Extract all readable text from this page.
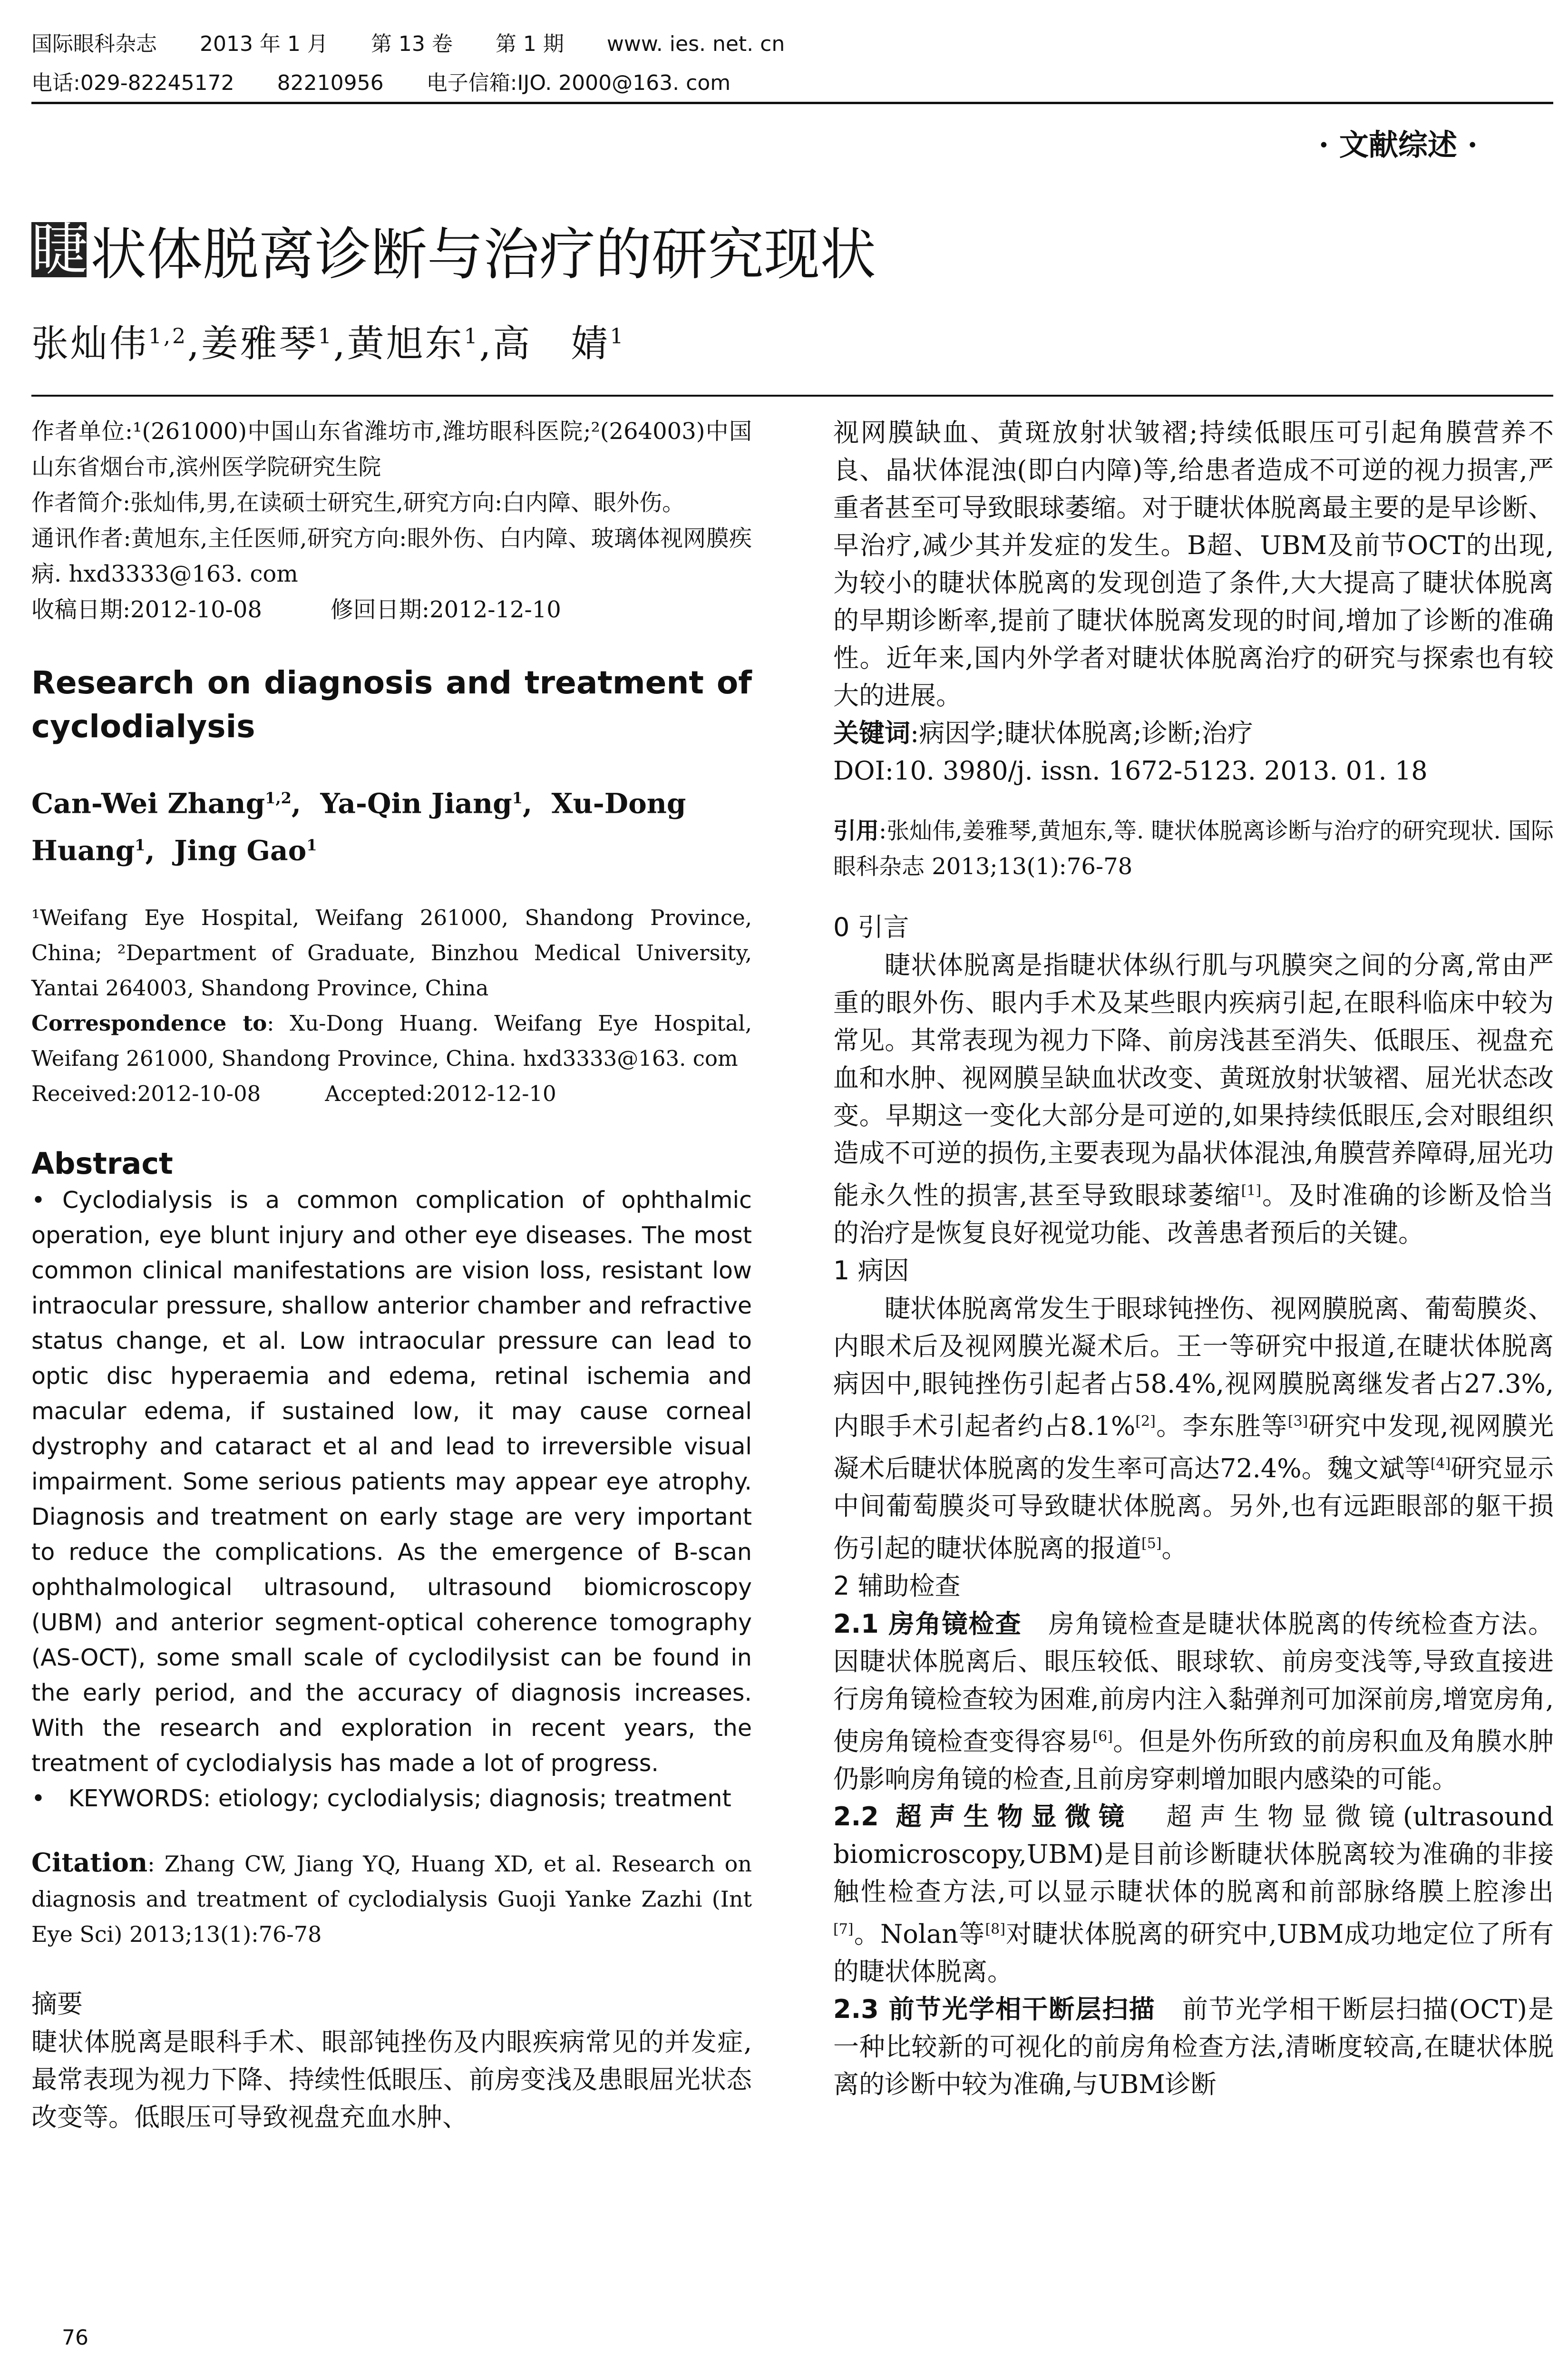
国际眼科杂志 2013 年 1 月 第 13 卷 第 1 期 www. ies. net. cn
电话:029-82245172 82210956 电子信箱:IJO. 2000@163. com
· 文献综述 ·
睫 状体脱离诊断与治疗的研究现状
张灿伟$^{1,2}$,姜雅琴$^1$,黄旭东$^1$,高　婧$^1$

作者单位:¹(261000)中国山东省潍坊市,潍坊眼科医院;²(264003)中国山东省烟台市,滨州医学院研究生院

作者简介:张灿伟,男,在读硕士研究生,研究方向:白内障、眼外伤。

通讯作者:黄旭东,主任医师,研究方向:眼外伤、白内障、玻璃体视网膜疾病. hxd3333@163. com

收稿日期:2012-10-08　　　修回日期:2012-12-10

Research on diagnosis and treatment of cyclodialysis
Can-Wei Zhang$^{1,2}$,  Ya-Qin Jiang$^1$,  Xu-Dong Huang$^1$,  Jing Gao$^1$

¹Weifang Eye Hospital, Weifang 261000, Shandong Province, China; ²Department of Graduate, Binzhou Medical University, Yantai 264003, Shandong Province, China

Correspondence to: Xu-Dong Huang. Weifang Eye Hospital, Weifang 261000, Shandong Province, China. hxd3333@163. com

Received:2012-10-08　　　Accepted:2012-12-10

Abstract

• Cyclodialysis is a common complication of ophthalmic operation, eye blunt injury and other eye diseases. The most common clinical manifestations are vision loss, resistant low intraocular pressure, shallow anterior chamber and refractive status change, et al. Low intraocular pressure can lead to optic disc hyperaemia and edema, retinal ischemia and macular edema, if sustained low, it may cause corneal dystrophy and cataract et al and lead to irreversible visual impairment. Some serious patients may appear eye atrophy. Diagnosis and treatment on early stage are very important to reduce the complications. As the emergence of B-scan ophthalmological ultrasound, ultrasound biomicroscopy (UBM) and anterior segment-optical coherence tomography (AS-OCT), some small scale of cyclodilysist can be found in the early period, and the accuracy of diagnosis increases. With the research and exploration in recent years, the treatment of cyclodialysis has made a lot of progress.

•　KEYWORDS: etiology; cyclodialysis; diagnosis; treatment

Citation: Zhang CW, Jiang YQ, Huang XD, et al. Research on diagnosis and treatment of cyclodialysis Guoji Yanke Zazhi (Int Eye Sci) 2013;13(1):76-78
摘要
睫状体脱离是眼科手术、眼部钝挫伤及内眼疾病常见的并发症,最常表现为视力下降、持续性低眼压、前房变浅及患眼屈光状态改变等。低眼压可导致视盘充血水肿、
视网膜缺血、黄斑放射状皱褶;持续低眼压可引起角膜营养不良、晶状体混浊(即白内障)等,给患者造成不可逆的视力损害,严重者甚至可导致眼球萎缩。对于睫状体脱离最主要的是早诊断、早治疗,减少其并发症的发生。B超、UBM及前节OCT的出现,为较小的睫状体脱离的发现创造了条件,大大提高了睫状体脱离的早期诊断率,提前了睫状体脱离发现的时间,增加了诊断的准确性。近年来,国内外学者对睫状体脱离治疗的研究与探索也有较大的进展。
关键词:病因学;睫状体脱离;诊断;治疗
DOI:10. 3980/j. issn. 1672-5123. 2013. 01. 18
引用:张灿伟,姜雅琴,黄旭东,等. 睫状体脱离诊断与治疗的研究现状. 国际眼科杂志 2013;13(1):76-78
0 引言
睫状体脱离是指睫状体纵行肌与巩膜突之间的分离,常由严重的眼外伤、眼内手术及某些眼内疾病引起,在眼科临床中较为常见。其常表现为视力下降、前房浅甚至消失、低眼压、视盘充血和水肿、视网膜呈缺血状改变、黄斑放射状皱褶、屈光状态改变。早期这一变化大部分是可逆的,如果持续低眼压,会对眼组织造成不可逆的损伤,主要表现为晶状体混浊,角膜营养障碍,屈光功能永久性的损害,甚至导致眼球萎缩[1]。及时准确的诊断及恰当的治疗是恢复良好视觉功能、改善患者预后的关键。
1 病因
睫状体脱离常发生于眼球钝挫伤、视网膜脱离、葡萄膜炎、内眼术后及视网膜光凝术后。王一等研究中报道,在睫状体脱离病因中,眼钝挫伤引起者占58.4%,视网膜脱离继发者占27.3%,内眼手术引起者约占8.1%[2]。李东胜等[3]研究中发现,视网膜光凝术后睫状体脱离的发生率可高达72.4%。魏文斌等[4]研究显示中间葡萄膜炎可导致睫状体脱离。另外,也有远距眼部的躯干损伤引起的睫状体脱离的报道[5]。
2 辅助检查
2.1 房角镜检查　房角镜检查是睫状体脱离的传统检查方法。因睫状体脱离后、眼压较低、眼球软、前房变浅等,导致直接进行房角镜检查较为困难,前房内注入黏弹剂可加深前房,增宽房角,使房角镜检查变得容易[6]。但是外伤所致的前房积血及角膜水肿仍影响房角镜的检查,且前房穿刺增加眼内感染的可能。
2.2 超声生物显微镜　超声生物显微镜(ultrasound biomicroscopy,UBM)是目前诊断睫状体脱离较为准确的非接触性检查方法,可以显示睫状体的脱离和前部脉络膜上腔渗出[7]。Nolan等[8]对睫状体脱离的研究中,UBM成功地定位了所有的睫状体脱离。
2.3 前节光学相干断层扫描　前节光学相干断层扫描(OCT)是一种比较新的可视化的前房角检查方法,清晰度较高,在睫状体脱离的诊断中较为准确,与UBM诊断
76
